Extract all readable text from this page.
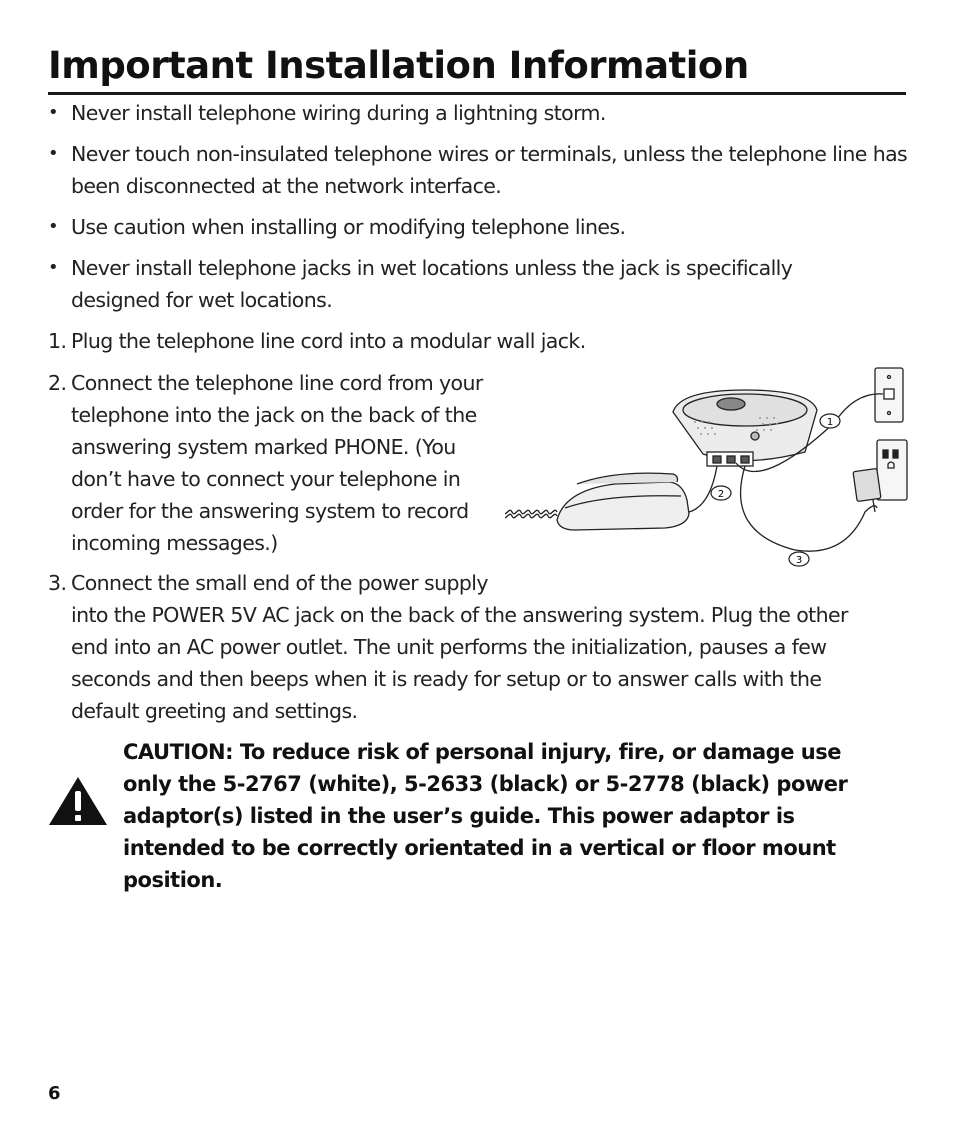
Important Installation Information
• Never install telephone wiring during a lightning storm.
• Never touch non-insulated telephone wires or terminals, unless the telephone line has been disconnected at the network interface.
• Use caution when installing or modifying telephone lines.
• Never install telephone jacks in wet locations unless the jack is specifically designed for wet locations.
1. Plug the telephone line cord into a modular wall jack.
2. Connect the telephone line cord from your
telephone into the jack on the back of the
answering system marked PHONE. (You
don’t have to connect your telephone in
order for the answering system to record
incoming messages.)
3. Connect the small end of the power supply
into the POWER 5V AC jack on the back of the answering system. Plug the other end into an AC power outlet. The unit performs the initialization, pauses a few seconds and then beeps when it is ready for setup or to answer calls with the default greeting and settings.
1
2
3
CAUTION: To reduce risk of personal injury, fire, or damage use only the 5-2767 (white), 5-2633 (black) or 5-2778 (black) power adaptor(s) listed in the user’s guide. This power adaptor is intended to be correctly orientated in a vertical or floor mount position.
6
